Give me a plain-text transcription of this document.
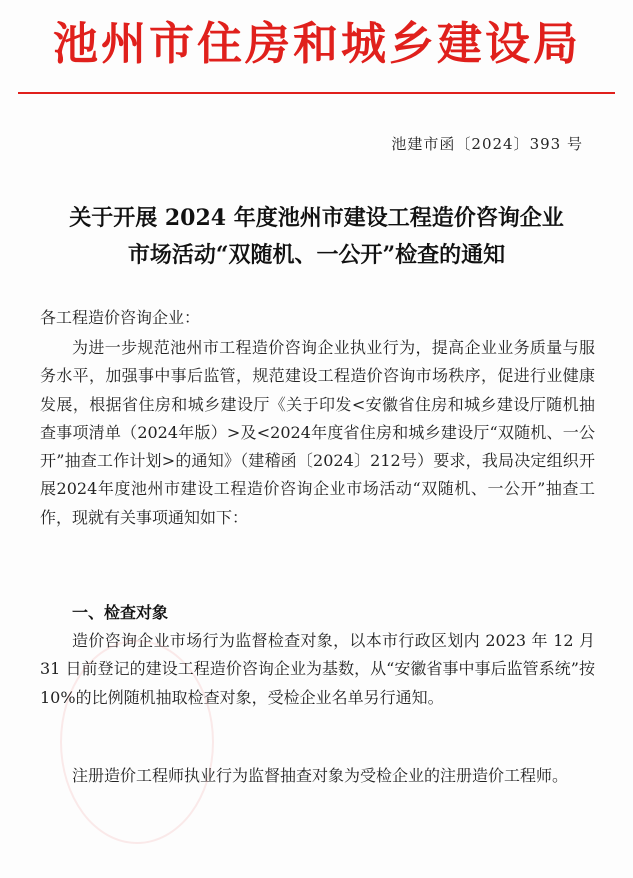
池州市住房和城乡建设局
池建市函〔2024〕393 号
关于开展 2024 年度池州市建设工程造价咨询企业
市场活动“双随机、一公开”检查的通知
各工程造价咨询企业：

为进一步规范池州市工程造价咨询企业执业行为，提高企业业务质量与服务水平，加强事中事后监管，规范建设工程造价咨询市场秩序，促进行业健康发展，根据省住房和城乡建设厅《关于印发<安徽省住房和城乡建设厅随机抽查事项清单（2024年版）>及<2024年度省住房和城乡建设厅“双随机、一公开”抽查工作计划>的通知》（建稽函〔2024〕212号）要求，我局决定组织开展2024年度池州市建设工程造价咨询企业市场活动“双随机、一公开”抽查工作，现就有关事项通知如下：

一、检查对象

造价咨询企业市场行为监督检查对象，以本市行政区划内 2023 年 12 月 31 日前登记的建设工程造价咨询企业为基数，从“安徽省事中事后监管系统”按 10%的比例随机抽取检查对象，受检企业名单另行通知。

注册造价工程师执业行为监督抽查对象为受检企业的注册造价工程师。
